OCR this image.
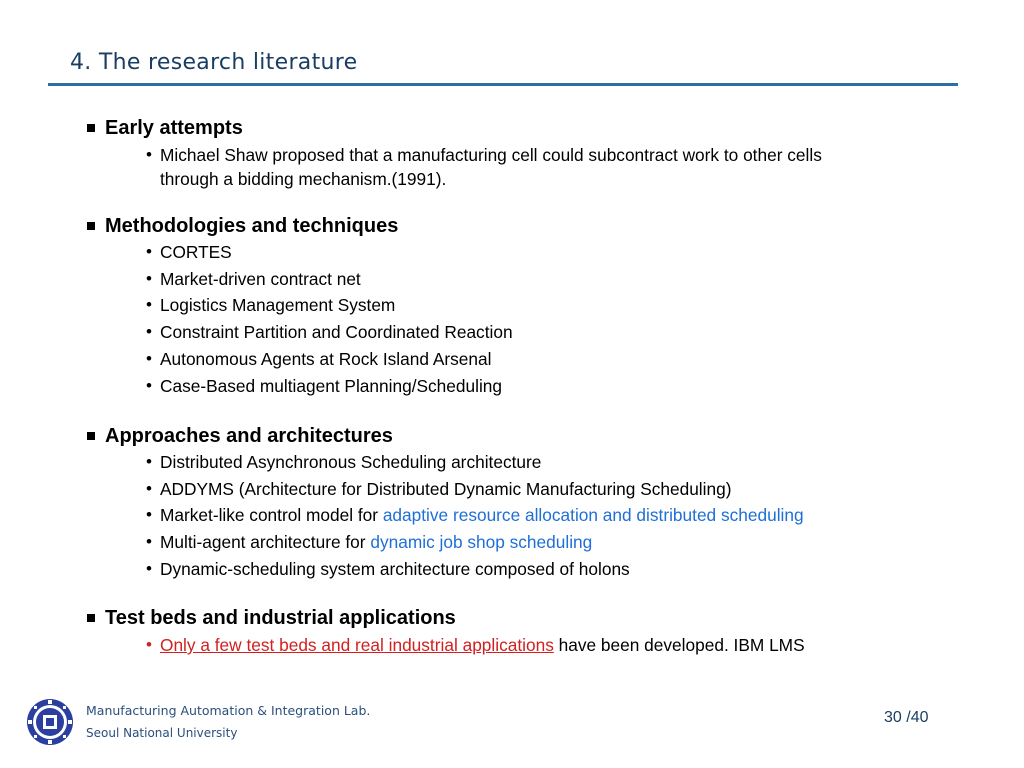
4. The research literature
Early attempts
• Michael Shaw proposed that a manufacturing cell could subcontract work to other cells
through a bidding mechanism.(1991).
Methodologies and techniques
• CORTES
• Market-driven contract net
• Logistics Management System
• Constraint Partition and Coordinated Reaction
• Autonomous Agents at Rock Island Arsenal
• Case-Based multiagent Planning/Scheduling
Approaches and architectures
• Distributed Asynchronous Scheduling architecture
• ADDYMS (Architecture for Distributed Dynamic Manufacturing Scheduling)
• Market-like control model for adaptive resource allocation and distributed scheduling
• Multi-agent architecture for dynamic job shop scheduling
• Dynamic-scheduling system architecture composed of holons
Test beds and industrial applications
• Only a few test beds and real industrial applications have been developed. IBM LMS
Manufacturing Automation & Integration Lab.
Seoul National University
30 /40
